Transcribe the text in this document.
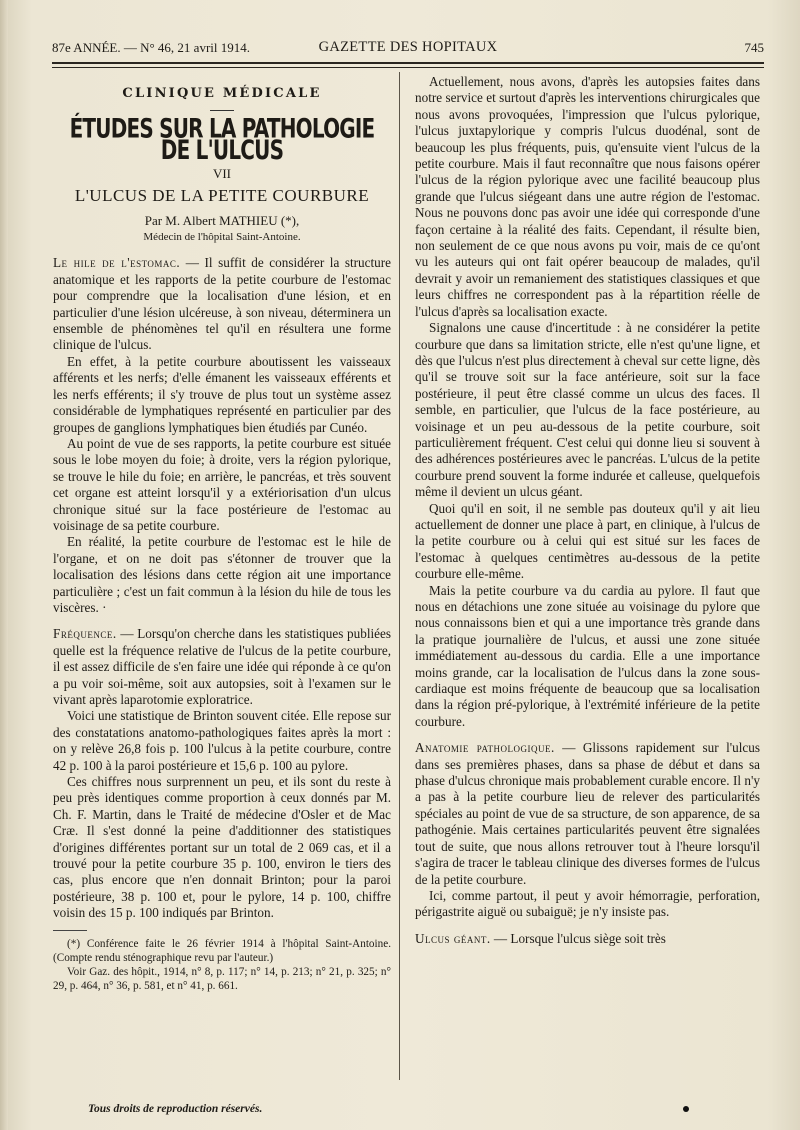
87e ANNÉE. — N° 46, 21 avril 1914.	GAZETTE DES HOPITAUX	745
CLINIQUE MÉDICALE
ÉTUDES SUR LA PATHOLOGIE DE L'ULCUS
VII
L'ULCUS DE LA PETITE COURBURE
Par M. Albert MATHIEU (*),
Médecin de l'hôpital Saint-Antoine.

Le hile de l'estomac. — Il suffit de considérer la structure anatomique et les rapports de la petite courbure de l'estomac pour comprendre que la localisation d'une lésion, et en particulier d'une lésion ulcéreuse, à son niveau, déterminera un ensemble de phénomènes tel qu'il en résultera une forme clinique de l'ulcus.

En effet, à la petite courbure aboutissent les vaisseaux afférents et les nerfs; d'elle émanent les vaisseaux efférents et les nerfs efférents; il s'y trouve de plus tout un système assez considérable de lymphatiques représenté en particulier par des groupes de ganglions lymphatiques bien étudiés par Cunéo.

Au point de vue de ses rapports, la petite courbure est située sous le lobe moyen du foie; à droite, vers la région pylorique, se trouve le hile du foie; en arrière, le pancréas, et très souvent cet organe est atteint lorsqu'il y a extériorisation d'un ulcus chronique situé sur la face postérieure de l'estomac au voisinage de sa petite courbure.

En réalité, la petite courbure de l'estomac est le hile de l'organe, et on ne doit pas s'étonner de trouver que la localisation des lésions dans cette région ait une importance particulière ; c'est un fait commun à la lésion du hile de tous les viscères. ·

Fréquence. — Lorsqu'on cherche dans les statistiques publiées quelle est la fréquence relative de l'ulcus de la petite courbure, il est assez difficile de s'en faire une idée qui réponde à ce qu'on a pu voir soi-même, soit aux autopsies, soit à l'examen sur le vivant après laparotomie exploratrice.

Voici une statistique de Brinton souvent citée. Elle repose sur des constatations anatomo-pathologiques faites après la mort : on y relève 26,8 fois p. 100 l'ulcus à la petite courbure, contre 42 p. 100 à la paroi postérieure et 15,6 p. 100 au pylore.

Ces chiffres nous surprennent un peu, et ils sont du reste à peu près identiques comme proportion à ceux donnés par M. Ch. F. Martin, dans le Traité de médecine d'Osler et de Mac Cræ. Il s'est donné la peine d'additionner des statistiques d'origines différentes portant sur un total de 2 069 cas, et il a trouvé pour la petite courbure 35 p. 100, environ le tiers des cas, plus encore que n'en donnait Brinton; pour la paroi postérieure, 38 p. 100 et, pour le pylore, 14 p. 100, chiffre voisin des 15 p. 100 indiqués par Brinton.

(*) Conférence faite le 26 février 1914 à l'hôpital Saint-Antoine. (Compte rendu sténographique revu par l'auteur.)

Voir Gaz. des hôpit., 1914, n° 8, p. 117; n° 14, p. 213; n° 21, p. 325; n° 29, p. 464, n° 36, p. 581, et n° 41, p. 661.

Actuellement, nous avons, d'après les autopsies faites dans notre service et surtout d'après les interventions chirurgicales que nous avons provoquées, l'impression que l'ulcus pylorique, l'ulcus juxtapylorique y compris l'ulcus duodénal, sont de beaucoup les plus fréquents, puis, qu'ensuite vient l'ulcus de la petite courbure. Mais il faut reconnaître que nous faisons opérer l'ulcus de la région pylorique avec une facilité beaucoup plus grande que l'ulcus siégeant dans une autre région de l'estomac. Nous ne pouvons donc pas avoir une idée qui corresponde d'une façon certaine à la réalité des faits. Cependant, il résulte bien, non seulement de ce que nous avons pu voir, mais de ce qu'ont vu les auteurs qui ont fait opérer beaucoup de malades, qu'il devrait y avoir un remaniement des statistiques classiques et que leurs chiffres ne correspondent pas à la répartition réelle de l'ulcus d'après sa localisation exacte.

Signalons une cause d'incertitude : à ne considérer la petite courbure que dans sa limitation stricte, elle n'est qu'une ligne, et dès que l'ulcus n'est plus directement à cheval sur cette ligne, dès qu'il se trouve soit sur la face antérieure, soit sur la face postérieure, il peut être classé comme un ulcus des faces. Il semble, en particulier, que l'ulcus de la face postérieure, au voisinage et un peu au-dessous de la petite courbure, soit particulièrement fréquent. C'est celui qui donne lieu si souvent à des adhérences postérieures avec le pancréas. L'ulcus de la petite courbure prend souvent la forme indurée et calleuse, quelquefois même il devient un ulcus géant.

Quoi qu'il en soit, il ne semble pas douteux qu'il y ait lieu actuellement de donner une place à part, en clinique, à l'ulcus de la petite courbure ou à celui qui est situé sur les faces de l'estomac à quelques centimètres au-dessous de la petite courbure elle-même.

Mais la petite courbure va du cardia au pylore. Il faut que nous en détachions une zone située au voisinage du pylore que nous connaissons bien et qui a une importance très grande dans la pratique journalière de l'ulcus, et aussi une zone située immédiatement au-dessous du cardia. Elle a une importance moins grande, car la localisation de l'ulcus dans la zone sous-cardiaque est moins fréquente de beaucoup que sa localisation dans la région pré-pylorique, à l'extrémité inférieure de la petite courbure.

Anatomie pathologique. — Glissons rapidement sur l'ulcus dans ses premières phases, dans sa phase de début et dans sa phase d'ulcus chronique mais probablement curable encore. Il n'y a pas à la petite courbure lieu de relever des particularités spéciales au point de vue de sa structure, de son apparence, de sa pathogénie. Mais certaines particularités peuvent être signalées tout de suite, que nous allons retrouver tout à l'heure lorsqu'il s'agira de tracer le tableau clinique des diverses formes de l'ulcus de la petite courbure.

Ici, comme partout, il peut y avoir hémorragie, perforation, périgastrite aiguë ou subaiguë; je n'y insiste pas.

Ulcus géant. — Lorsque l'ulcus siège soit très

Tous droits de reproduction réservés.
